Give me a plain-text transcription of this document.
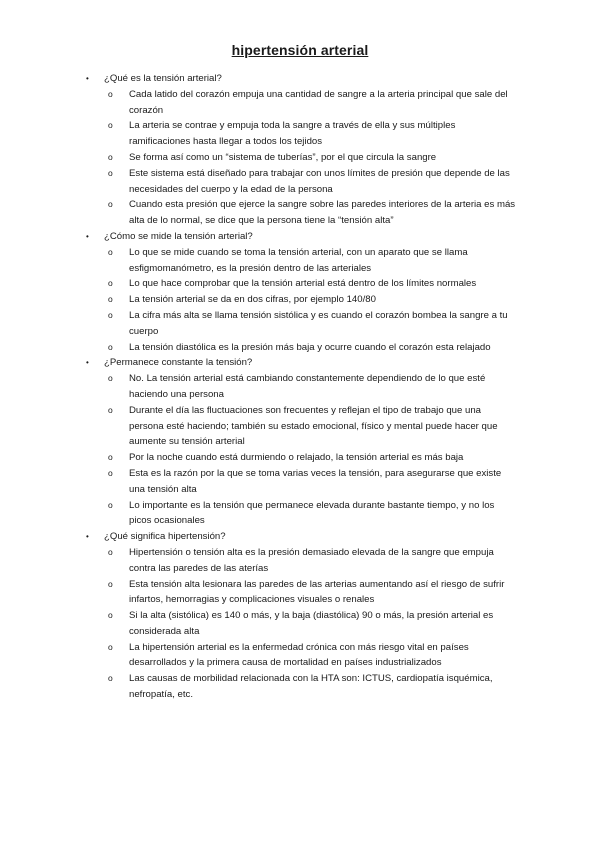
hipertensión arterial
• ¿Qué es la tensión arterial?
o Cada latido del corazón empuja una cantidad de sangre a la arteria principal que sale del corazón
o La arteria se contrae y empuja toda la sangre a través de ella y sus múltiples ramificaciones hasta llegar a todos los tejidos
o Se forma así como un “sistema de tuberías”, por el que circula la sangre
o Este sistema está diseñado para trabajar con unos límites de presión que depende de las necesidades del cuerpo y la edad de la persona
o Cuando esta presión que ejerce la sangre sobre las paredes interiores de la arteria es más alta de lo normal, se dice que la persona tiene la “tensión alta”
• ¿Cómo se mide la tensión arterial?
o Lo que se mide cuando se toma la tensión arterial, con un aparato que se llama esfigmomanómetro, es la presión dentro de las arteriales
o Lo que hace comprobar que la tensión arterial está dentro de los límites normales
o La tensión arterial se da en dos cifras, por ejemplo 140/80
o La cifra más alta se llama tensión sistólica y es cuando el corazón bombea la sangre a tu cuerpo
o La tensión diastólica es la presión más baja y ocurre cuando el corazón esta relajado
• ¿Permanece constante la tensión?
o No. La tensión arterial está cambiando constantemente dependiendo de lo que esté haciendo una persona
o Durante el día las fluctuaciones son frecuentes y reflejan el tipo de trabajo que una persona esté haciendo; también su estado emocional, físico y mental puede hacer que aumente su tensión arterial
o Por la noche cuando está durmiendo o relajado, la tensión arterial es más baja
o Esta es la razón por la que se toma varias veces la tensión, para asegurarse que existe una tensión alta
o Lo importante es la tensión que permanece elevada durante bastante tiempo, y no los picos ocasionales
• ¿Qué significa hipertensión?
o Hipertensión o tensión alta es la presión demasiado elevada de la sangre que empuja contra las paredes de las aterías
o Esta tensión alta lesionara las paredes de las arterias aumentando así el riesgo de sufrir infartos, hemorragias y complicaciones visuales o renales
o Si la alta (sistólica) es 140 o más, y la baja (diastólica) 90 o más, la presión arterial es considerada alta
o La hipertensión arterial es la enfermedad crónica con más riesgo vital en países desarrollados y la primera causa de mortalidad en países industrializados
o Las causas de morbilidad relacionada con la HTA son: ICTUS, cardiopatía isquémica, nefropatía, etc.
